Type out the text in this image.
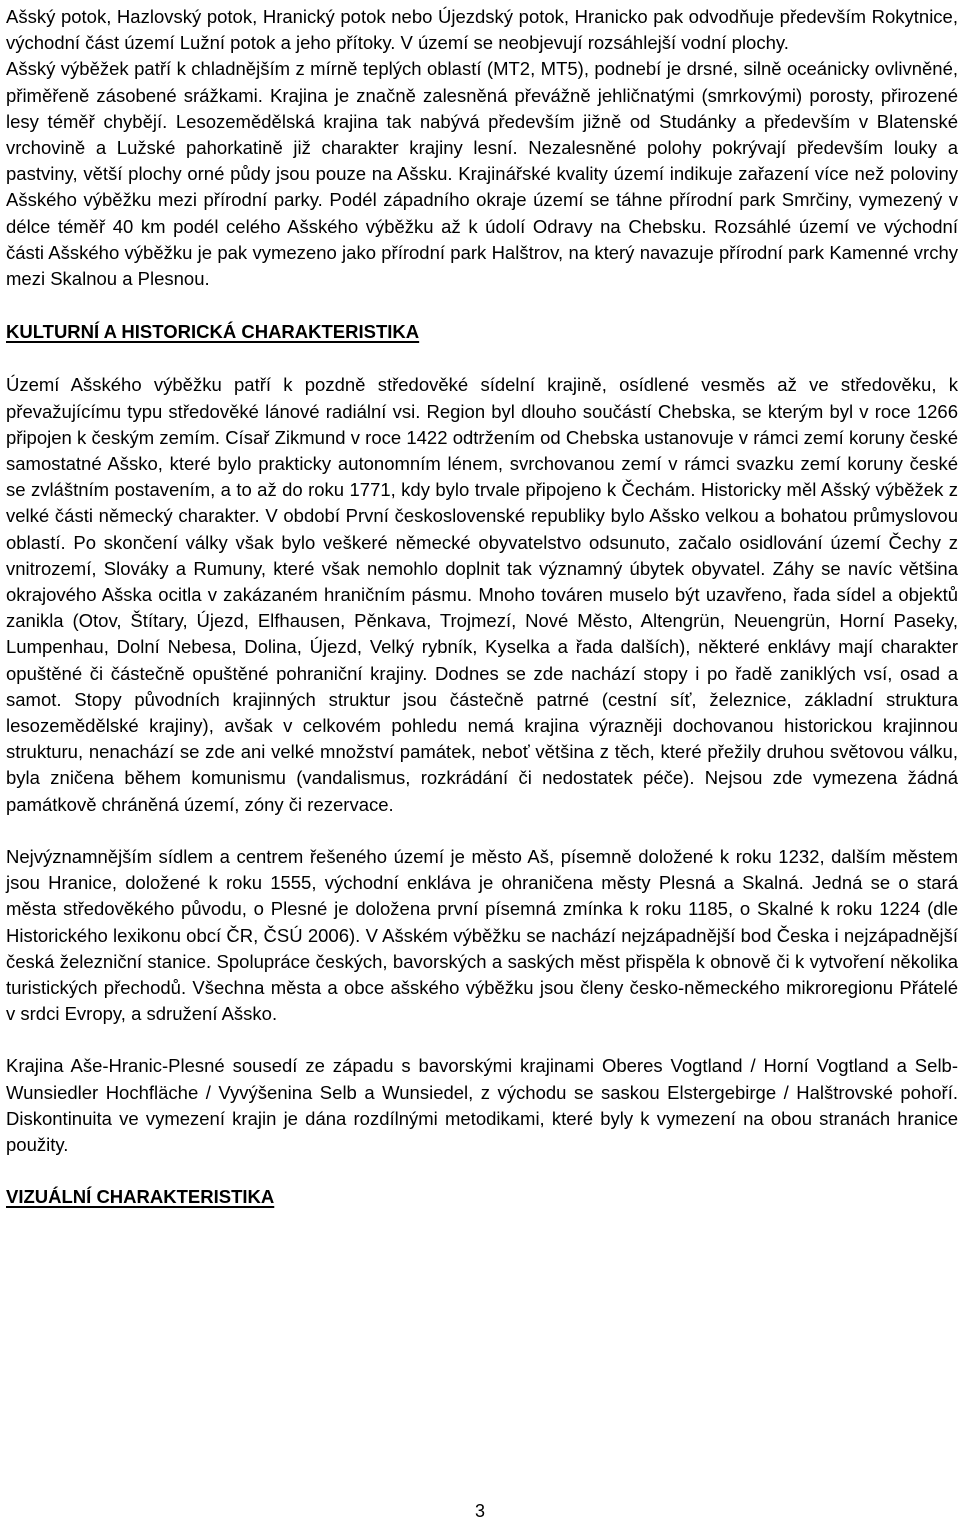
Ašský potok, Hazlovský potok, Hranický potok nebo Újezdský potok, Hranicko pak odvodňuje především Rokytnice, východní část území Lužní potok a jeho přítoky. V území se neobjevují rozsáhlejší vodní plochy.

Ašský výběžek patří k chladnějším z mírně teplých oblastí (MT2, MT5), podnebí je drsné, silně oceánicky ovlivněné, přiměřeně zásobené srážkami. Krajina je značně zalesněná převážně jehličnatými (smrkovými) porosty, přirozené lesy téměř chybějí. Lesozemědělská krajina tak nabývá především jižně od Studánky a především v Blatenské vrchovině a Lužské pahorkatině již charakter krajiny lesní. Nezalesněné polohy pokrývají především louky a pastviny, větší plochy orné půdy jsou pouze na Ašsku. Krajinářské kvality území indikuje zařazení více než poloviny Ašského výběžku mezi přírodní parky. Podél západního okraje území se táhne přírodní park Smrčiny, vymezený v délce téměř 40 km podél celého Ašského výběžku až k údolí Odravy na Chebsku. Rozsáhlé území ve východní části Ašského výběžku je pak vymezeno jako přírodní park Halštrov, na který navazuje přírodní park Kamenné vrchy mezi Skalnou a Plesnou.

KULTURNÍ A HISTORICKÁ CHARAKTERISTIKA

Území Ašského výběžku patří k pozdně středověké sídelní krajině, osídlené vesměs až ve středověku, k převažujícímu typu středověké lánové radiální vsi. Region byl dlouho součástí Chebska, se kterým byl v roce 1266 připojen k českým zemím. Císař Zikmund v roce 1422 odtržením od Chebska ustanovuje v rámci zemí koruny české samostatné Ašsko, které bylo prakticky autonomním lénem, svrchovanou zemí v rámci svazku zemí koruny české se zvláštním postavením, a to až do roku 1771, kdy bylo trvale připojeno k Čechám. Historicky měl Ašský výběžek z velké části německý charakter. V období První československé republiky bylo Ašsko velkou a bohatou průmyslovou oblastí. Po skončení války však bylo veškeré německé obyvatelstvo odsunuto, začalo osidlování území Čechy z vnitrozemí, Slováky a Rumuny, které však nemohlo doplnit tak významný úbytek obyvatel. Záhy se navíc většina okrajového Ašska ocitla v zakázaném hraničním pásmu. Mnoho továren muselo být uzavřeno, řada sídel a objektů zanikla (Otov, Štítary, Újezd, Elfhausen, Pěnkava, Trojmezí, Nové Město, Altengrün, Neuengrün, Horní Paseky, Lumpenhau, Dolní Nebesa, Dolina, Újezd, Velký rybník, Kyselka a řada dalších), některé enklávy mají charakter opuštěné či částečně opuštěné pohraniční krajiny. Dodnes se zde nachází stopy i po řadě zaniklých vsí, osad a samot. Stopy původních krajinných struktur jsou částečně patrné (cestní síť, železnice, základní struktura lesozemědělské krajiny), avšak v celkovém pohledu nemá krajina výrazněji dochovanou historickou krajinnou strukturu, nenachází se zde ani velké množství památek, neboť většina z těch, které přežily druhou světovou válku, byla zničena během komunismu (vandalismus, rozkrádání či nedostatek péče). Nejsou zde vymezena žádná památkově chráněná území, zóny či rezervace.

Nejvýznamnějším sídlem a centrem řešeného území je město Aš, písemně doložené k roku 1232, dalším městem jsou Hranice, doložené k roku 1555, východní enkláva je ohraničena městy Plesná a Skalná. Jedná se o stará města středověkého původu, o Plesné je doložena první písemná zmínka k roku 1185, o Skalné k roku 1224 (dle Historického lexikonu obcí ČR, ČSÚ 2006). V Ašském výběžku se nachází nejzápadnější bod Česka i nejzápadnější česká železniční stanice. Spolupráce českých, bavorských a saských měst přispěla k obnově či k vytvoření několika turistických přechodů. Všechna města a obce ašského výběžku jsou členy česko-německého mikroregionu Přátelé v srdci Evropy, a sdružení Ašsko.

Krajina Aše-Hranic-Plesné sousedí ze západu s bavorskými krajinami Oberes Vogtland / Horní Vogtland a Selb-Wunsiedler Hochfläche / Vyvýšenina Selb a Wunsiedel, z východu se saskou Elstergebirge / Halštrovské pohoří. Diskontinuita ve vymezení krajin je dána rozdílnými metodikami, které byly k vymezení na obou stranách hranice použity.

VIZUÁLNÍ CHARAKTERISTIKA
3
